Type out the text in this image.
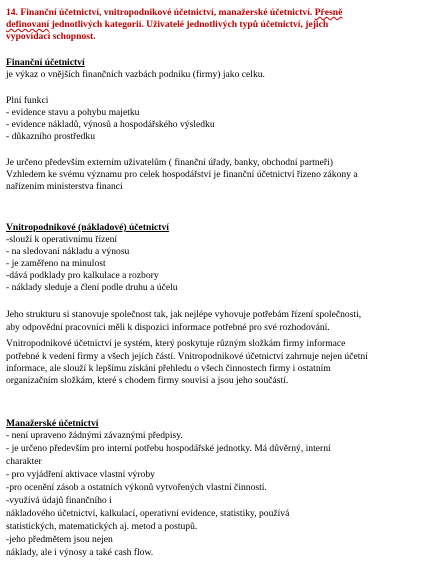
14. Finanční účetnictví, vnitropodnikové účetnictví, manažerské účetnictví. Přesně
definovaní jednotlivých kategorií. Uživatelé jednotlivých typů účetnictví, jejich
vypovídací schopnost.
Finanční účetnictví
je výkaz o vnějších finančních vazbách podniku (firmy) jako celku.
Plní funkci
- evidence stavu a pohybu majetku
- evidence nákladů, výnosů a hospodářského výsledku
- důkazního prostředku
Je určeno především externím uživatelům ( finanční úřady, banky, obchodní partneři)
Vzhledem ke svému významu pro celek hospodářství je finanční účetnictví řízeno zákony a
nařízením ministerstva financí
Vnitropodnikové (nákladové) účetnictví
-slouží k operativnímu řízení
- na sledovaní nákladu a výnosu
- je zaměřeno na minulost
-dává podklady pro kalkulace a rozbory
- náklady sleduje a člení podle druhu a účelu
Jeho strukturu si stanovuje společnost tak, jak nejlépe vyhovuje potřebám řízení společnosti,
aby odpovědní pracovníci měli k dispozici informace potřebné pro své rozhodování.
Vnitropodnikové účetnictví je systém, který poskytuje různým složkám firmy informace
potřebné k vedení firmy a všech jejích částí. Vnitropodnikové účetnictví zahrnuje nejen účetní
informace, ale slouží k lepšímu získání přehledu o všech činnostech firmy i ostatním
organizačním složkám, které s chodem firmy souvisí a jsou jeho součástí.
Manažerské účetnictví
- není upraveno žádnými závaznými předpisy.
- je určeno především pro interní potřebu hospodářské jednotky. Má důvěrný, interní
charakter
- pro vyjádření aktivace vlastní výroby
-pro ocenění zásob a ostatních výkonů vytvořených vlastní činností.
-využívá údajů finančního i
nákladového účetnictví, kalkulací, operativní evidence, statistiky, používá
statistických, matematických aj. metod a postupů.
-jeho předmětem jsou nejen
náklady, ale i výnosy a také cash flow.
